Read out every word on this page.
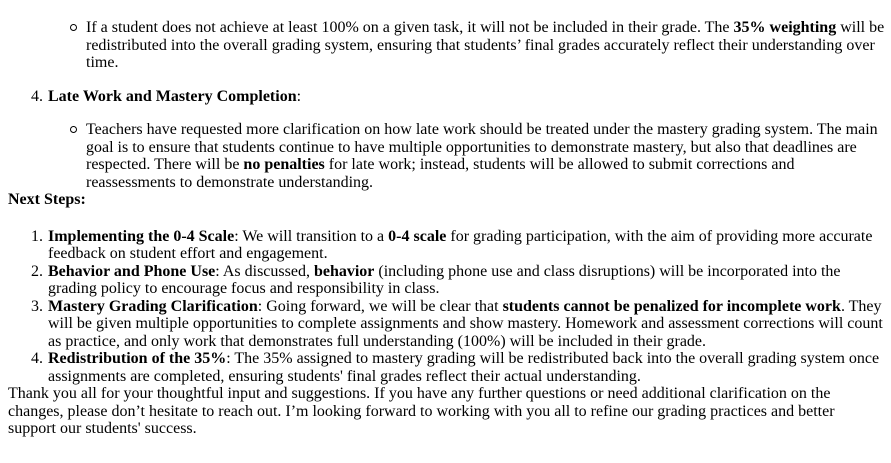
If a student does not achieve at least 100% on a given task, it will not be included in their grade. The 35% weighting will be redistributed into the overall grading system, ensuring that students’ final grades accurately reflect their understanding over time.

4. Late Work and Mastery Completion:

Teachers have requested more clarification on how late work should be treated under the mastery grading system. The main goal is to ensure that students continue to have multiple opportunities to demonstrate mastery, but also that deadlines are respected. There will be no penalties for late work; instead, students will be allowed to submit corrections and reassessments to demonstrate understanding.

Next Steps:

1. Implementing the 0-4 Scale: We will transition to a 0-4 scale for grading participation, with the aim of providing more accurate feedback on student effort and engagement.

2. Behavior and Phone Use: As discussed, behavior (including phone use and class disruptions) will be incorporated into the grading policy to encourage focus and responsibility in class.

3. Mastery Grading Clarification: Going forward, we will be clear that students cannot be penalized for incomplete work. They will be given multiple opportunities to complete assignments and show mastery. Homework and assessment corrections will count as practice, and only work that demonstrates full understanding (100%) will be included in their grade.

4. Redistribution of the 35%: The 35% assigned to mastery grading will be redistributed back into the overall grading system once assignments are completed, ensuring students' final grades reflect their actual understanding.

Thank you all for your thoughtful input and suggestions. If you have any further questions or need additional clarification on the changes, please don’t hesitate to reach out. I’m looking forward to working with you all to refine our grading practices and better support our students' success.
